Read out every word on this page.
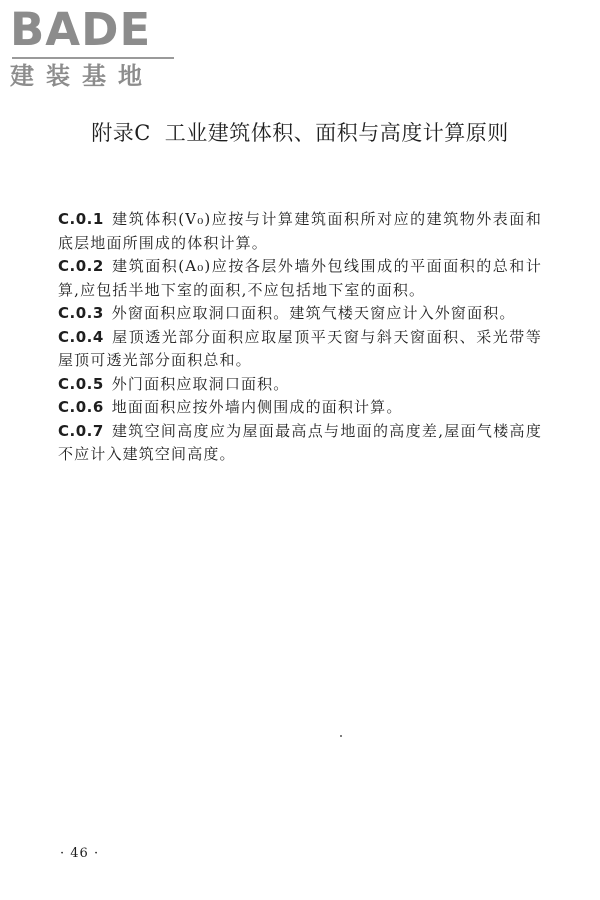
BADE
建装基地
附录C 工业建筑体积、面积与高度计算原则

C.0.1 建筑体积(V₀)应按与计算建筑面积所对应的建筑物外表面和底层地面所围成的体积计算。

C.0.2 建筑面积(A₀)应按各层外墙外包线围成的平面面积的总和计算,应包括半地下室的面积,不应包括地下室的面积。

C.0.3 外窗面积应取洞口面积。建筑气楼天窗应计入外窗面积。

C.0.4 屋顶透光部分面积应取屋顶平天窗与斜天窗面积、采光带等屋顶可透光部分面积总和。

C.0.5 外门面积应取洞口面积。

C.0.6 地面面积应按外墙内侧围成的面积计算。

C.0.7 建筑空间高度应为屋面最高点与地面的高度差,屋面气楼高度不应计入建筑空间高度。

· 46 ·
